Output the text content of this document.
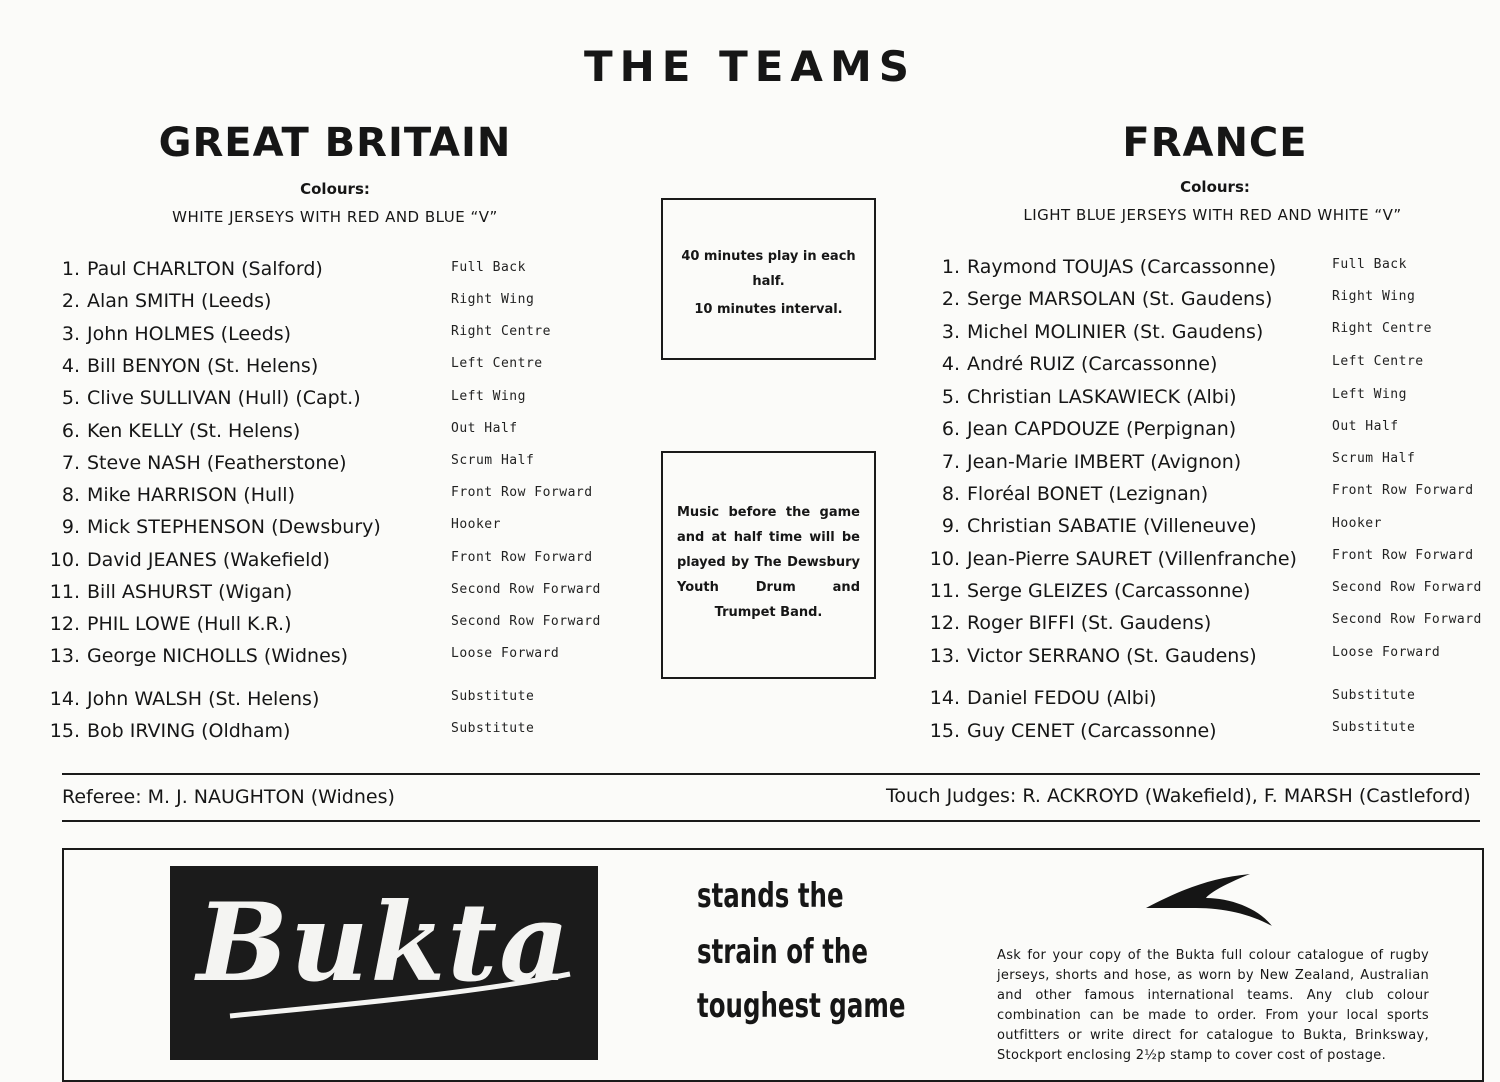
THE TEAMS
GREAT BRITAIN
Colours:
WHITE JERSEYS WITH RED AND BLUE “V”
FRANCE
Colours:
LIGHT BLUE JERSEYS WITH RED AND WHITE “V”
1. Paul CHARLTON (Salford)	Full Back
2. Alan SMITH (Leeds)	Right Wing
3. John HOLMES (Leeds)	Right Centre
4. Bill BENYON (St. Helens)	Left Centre
5. Clive SULLIVAN (Hull) (Capt.)	Left Wing
6. Ken KELLY (St. Helens)	Out Half
7. Steve NASH (Featherstone)	Scrum Half
8. Mike HARRISON (Hull)	Front Row Forward
9. Mick STEPHENSON (Dewsbury)	Hooker
10. David JEANES (Wakefield)	Front Row Forward
11. Bill ASHURST (Wigan)	Second Row Forward
12. PHIL LOWE (Hull K.R.)	Second Row Forward
13. George NICHOLLS (Widnes)	Loose Forward
14. John WALSH (St. Helens)	Substitute
15. Bob IRVING (Oldham)	Substitute
1. Raymond TOUJAS (Carcassonne)	Full Back
2. Serge MARSOLAN (St. Gaudens)	Right Wing
3. Michel MOLINIER (St. Gaudens)	Right Centre
4. André RUIZ (Carcassonne)	Left Centre
5. Christian LASKAWIECK (Albi)	Left Wing
6. Jean CAPDOUZE (Perpignan)	Out Half
7. Jean-Marie IMBERT (Avignon)	Scrum Half
8. Floréal BONET (Lezignan)	Front Row Forward
9. Christian SABATIE (Villeneuve)	Hooker
10. Jean-Pierre SAURET (Villenfranche)	Front Row Forward
11. Serge GLEIZES (Carcassonne)	Second Row Forward
12. Roger BIFFI (St. Gaudens)	Second Row Forward
13. Victor SERRANO (St. Gaudens)	Loose Forward
14. Daniel FEDOU (Albi)	Substitute
15. Guy CENET (Carcassonne)	Substitute
40 minutes play in each half.
10 minutes interval.
Music before the game and at half time will be played by The Dewsbury Youth Drum and Trumpet Band.
Referee: M. J. NAUGHTON (Widnes)	Touch Judges: R. ACKROYD (Wakefield), F. MARSH (Castleford)
Bukta	stands the
strain of the
toughest game
Ask for your copy of the Bukta full colour catalogue of rugby jerseys, shorts and hose, as worn by New Zealand, Australian and other famous international teams. Any club colour combination can be made to order. From your local sports outfitters or write direct for catalogue to Bukta, Brinksway, Stockport enclosing 2½p stamp to cover cost of postage.
